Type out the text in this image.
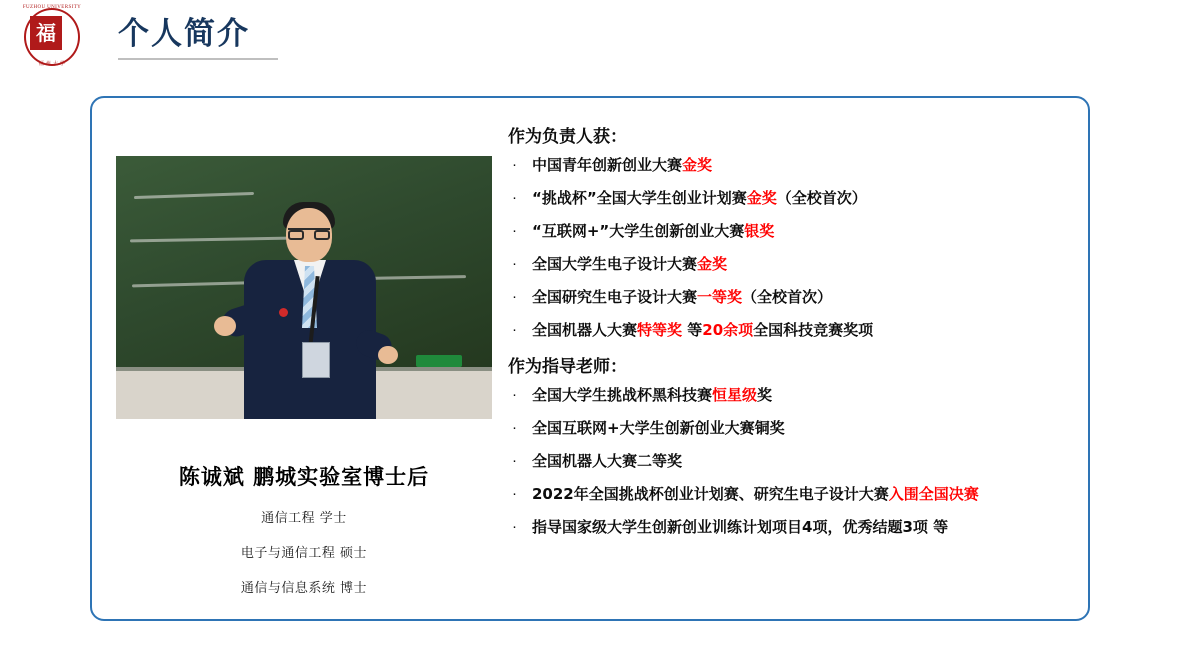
FUZHOU UNIVERSITY
福
福 州 大 学
个人简介
陈诚斌 鹏城实验室博士后
通信工程 学士
电子与通信工程 硕士
通信与信息系统 博士
作为负责人获：
·	中国青年创新创业大赛金奖
·	“挑战杯”全国大学生创业计划赛金奖（全校首次）
·	“互联网+”大学生创新创业大赛银奖
·	全国大学生电子设计大赛金奖
·	全国研究生电子设计大赛一等奖（全校首次）
·	全国机器人大赛特等奖 等20余项全国科技竞赛奖项
作为指导老师：
·	全国大学生挑战杯黑科技赛恒星级奖
·	全国互联网+大学生创新创业大赛铜奖
·	全国机器人大赛二等奖
·	2022年全国挑战杯创业计划赛、研究生电子设计大赛入围全国决赛
·	指导国家级大学生创新创业训练计划项目4项，优秀结题3项 等
